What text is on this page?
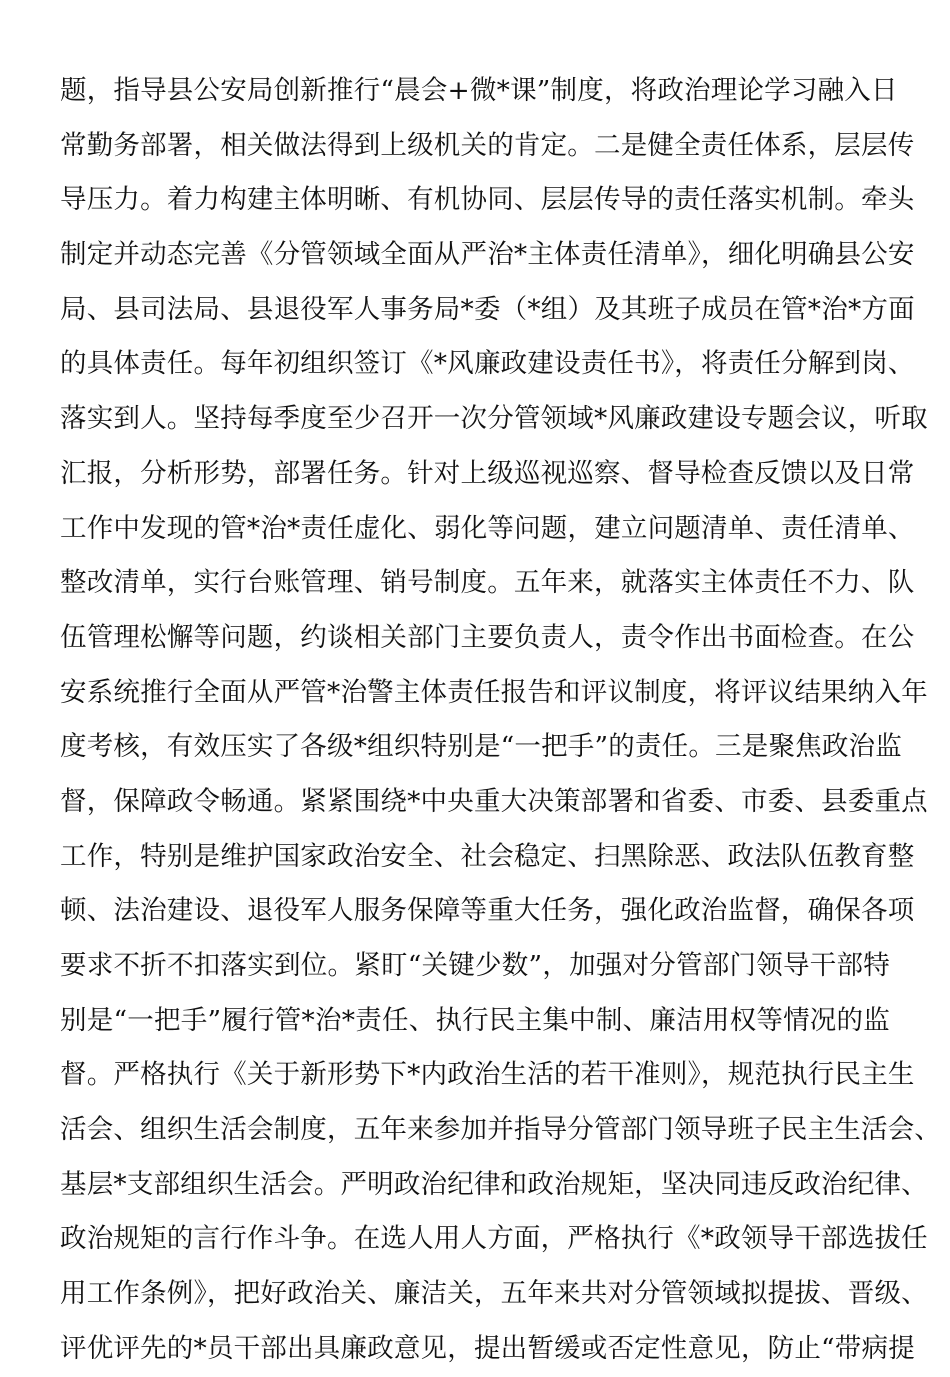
题，指导县公安局创新推行“晨会+微*课”制度，将政治理论学习融入日
常勤务部署，相关做法得到上级机关的肯定。二是健全责任体系，层层传
导压力。着力构建主体明晰、有机协同、层层传导的责任落实机制。牵头
制定并动态完善《分管领域全面从严治*主体责任清单》，细化明确县公安
局、县司法局、县退役军人事务局*委（*组）及其班子成员在管*治*方面
的具体责任。每年初组织签订《*风廉政建设责任书》，将责任分解到岗、
落实到人。坚持每季度至少召开一次分管领域*风廉政建设专题会议，听取
汇报，分析形势，部署任务。针对上级巡视巡察、督导检查反馈以及日常
工作中发现的管*治*责任虚化、弱化等问题，建立问题清单、责任清单、
整改清单，实行台账管理、销号制度。五年来，就落实主体责任不力、队
伍管理松懈等问题，约谈相关部门主要负责人，责令作出书面检查。在公
安系统推行全面从严管*治警主体责任报告和评议制度，将评议结果纳入年
度考核，有效压实了各级*组织特别是“一把手”的责任。三是聚焦政治监
督，保障政令畅通。紧紧围绕*中央重大决策部署和省委、市委、县委重点
工作，特别是维护国家政治安全、社会稳定、扫黑除恶、政法队伍教育整
顿、法治建设、退役军人服务保障等重大任务，强化政治监督，确保各项
要求不折不扣落实到位。紧盯“关键少数”，加强对分管部门领导干部特
别是“一把手”履行管*治*责任、执行民主集中制、廉洁用权等情况的监
督。严格执行《关于新形势下*内政治生活的若干准则》，规范执行民主生
活会、组织生活会制度，五年来参加并指导分管部门领导班子民主生活会、
基层*支部组织生活会。严明政治纪律和政治规矩，坚决同违反政治纪律、
政治规矩的言行作斗争。在选人用人方面，严格执行《*政领导干部选拔任
用工作条例》，把好政治关、廉洁关，五年来共对分管领域拟提拔、晋级、
评优评先的*员干部出具廉政意见，提出暂缓或否定性意见，防止“带病提
